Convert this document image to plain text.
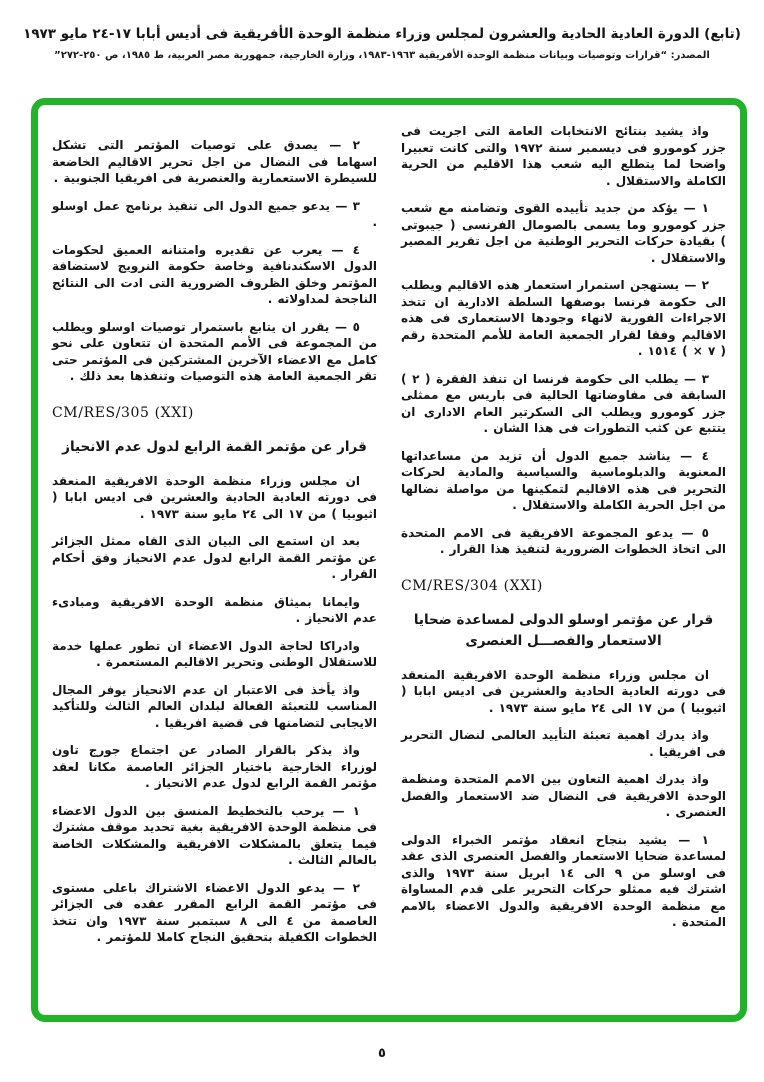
(تابع) الدورة العادية الحادية والعشرون لمجلس وزراء منظمة الوحدة الأفريقية فى أديس أبابا ١٧-٢٤ مايو ١٩٧٣
المصدر: “قرارات وتوصيات وبيانات منظمة الوحدة الأفريقية ١٩٦٣-١٩٨٣، وزارة الخارجية، جمهورية مصر العربية، ط ١٩٨٥، ص ٢٥٠-٢٧٢”

واذ يشيد بنتائج الانتخابات العامة التى اجريت فى جزر كومورو فى ديسمبر سنة ١٩٧٢ والتى كانت تعبيرا واضحا لما يتطلع اليه شعب هذا الاقليم من الحرية الكاملة والاستقلال .

١ — يؤكد من جديد تأييده القوى وتضامنه مع شعب جزر كومورو وما يسمى بالصومال الفرنسى ( جيبوتى ) بقيادة حركات التحرير الوطنية من اجل تقرير المصير والاستقلال .

٢ — يستهجن استمرار استعمار هذه الاقاليم ويطلب الى حكومة فرنسا بوصفها السلطة الادارية ان تتخذ الاجراءات الفورية لانهاء وجودها الاستعمارى فى هذه الاقاليم وفقا لقرار الجمعية العامة للأمم المتحدة رقم ( ٧ × ) ١٥١٤ .

٣ — يطلب الى حكومة فرنسا ان تنفذ الفقرة ( ٢ ) السابقة فى مفاوضاتها الحالية فى باريس مع ممثلى جزر كومورو ويطلب الى السكرتير العام الادارى ان يتتبع عن كثب التطورات فى هذا الشان .

٤ — يناشد جميع الدول أن تزيد من مساعداتها المعنوية والدبلوماسية والسياسية والمادية لحركات التحرير فى هذه الاقاليم لتمكينها من مواصلة نضالها من اجل الحرية الكاملة والاستقلال .

٥ — يدعو المجموعة الافريقية فى الامم المتحدة الى اتخاذ الخطوات الضرورية لتنفيذ هذا القرار .

CM/RES/304 (XXI)
قرار عن مؤتمر اوسلو الدولى لمساعدة ضحايا الاستعمار والفصـــل العنصرى

ان مجلس وزراء منظمة الوحدة الافريقية المنعقد فى دورته العادية الحادية والعشرين فى اديس ابابا ( اثيوبيا ) من ١٧ الى ٢٤ مايو سنة ١٩٧٣ .

واذ يدرك اهمية تعبئة التأييد العالمى لنضال التحرير فى افريقيا .

واذ يدرك اهمية التعاون بين الامم المتحدة ومنظمة الوحدة الافريقية فى النضال ضد الاستعمار والفصل العنصرى .

١ — يشيد بنجاح انعقاد مؤتمر الخبراء الدولى لمساعدة ضحايا الاستعمار والفصل العنصرى الذى عقد فى اوسلو من ٩ الى ١٤ ابريل سنة ١٩٧٣ والذى اشترك فيه ممثلو حركات التحرير على قدم المساواة مع منظمة الوحدة الافريقية والدول الاعضاء بالامم المتحدة .

٢ — يصدق على توصيات المؤتمر التى تشكل اسهاما فى النضال من اجل تحرير الاقاليم الخاضعة للسيطرة الاستعمارية والعنصرية فى افريقيا الجنوبية .

٣ — يدعو جميع الدول الى تنفيذ برنامج عمل اوسلو .

٤ — يعرب عن تقديره وامتنانه العميق لحكومات الدول الاسكندنافية وخاصة حكومة النرويج لاستضافة المؤتمر وخلق الظروف الضرورية التى ادت الى النتائج الناجحة لمداولاته .

٥ — يقرر ان يتابع باستمرار توصيات اوسلو ويطلب من المجموعة فى الأمم المتحدة ان تتعاون على نحو كامل مع الاعضاء الآخرين المشتركين فى المؤتمر حتى تقر الجمعية العامة هذه التوصيات وتنفذها بعد ذلك .

CM/RES/305 (XXI)
قرار عن مؤتمر القمة الرابع لدول عدم الانحياز

ان مجلس وزراء منظمة الوحدة الافريقية المنعقد فى دورته العادية الحادية والعشرين فى اديس ابابا ( اثيوبيا ) من ١٧ الى ٢٤ مايو سنة ١٩٧٣ .

بعد ان استمع الى البيان الذى القاه ممثل الجزائر عن مؤتمر القمة الرابع لدول عدم الانحياز وفق أحكام القرار .

وايمانا بميثاق منظمة الوحدة الافريقية ومبادىء عدم الانحياز .

وادراكا لحاجة الدول الاعضاء ان تطور عملها خدمة للاستقلال الوطنى وتحرير الاقاليم المستعمرة .

واذ يأخذ فى الاعتبار ان عدم الانحياز يوفر المجال المناسب للتعبئة الفعالة لبلدان العالم الثالث وللتأكيد الايجابى لتضامنها فى قضية افريقيا .

واذ يذكر بالقرار الصادر عن اجتماع جورج تاون لوزراء الخارجية باختيار الجزائر العاصمة مكانا لعقد مؤتمر القمة الرابع لدول عدم الانحياز .

١ — يرحب بالتخطيط المنسق بين الدول الاعضاء فى منظمة الوحدة الافريقية بغية تحديد موقف مشترك فيما يتعلق بالمشكلات الافريقية والمشكلات الخاصة بالعالم الثالث .

٢ — يدعو الدول الاعضاء الاشتراك باعلى مستوى فى مؤتمر القمة الرابع المقرر عقده فى الجزائر العاصمة من ٤ الى ٨ سبتمبر سنة ١٩٧٣ وان تتخذ الخطوات الكفيلة بتحقيق النجاح كاملا للمؤتمر .

٥
